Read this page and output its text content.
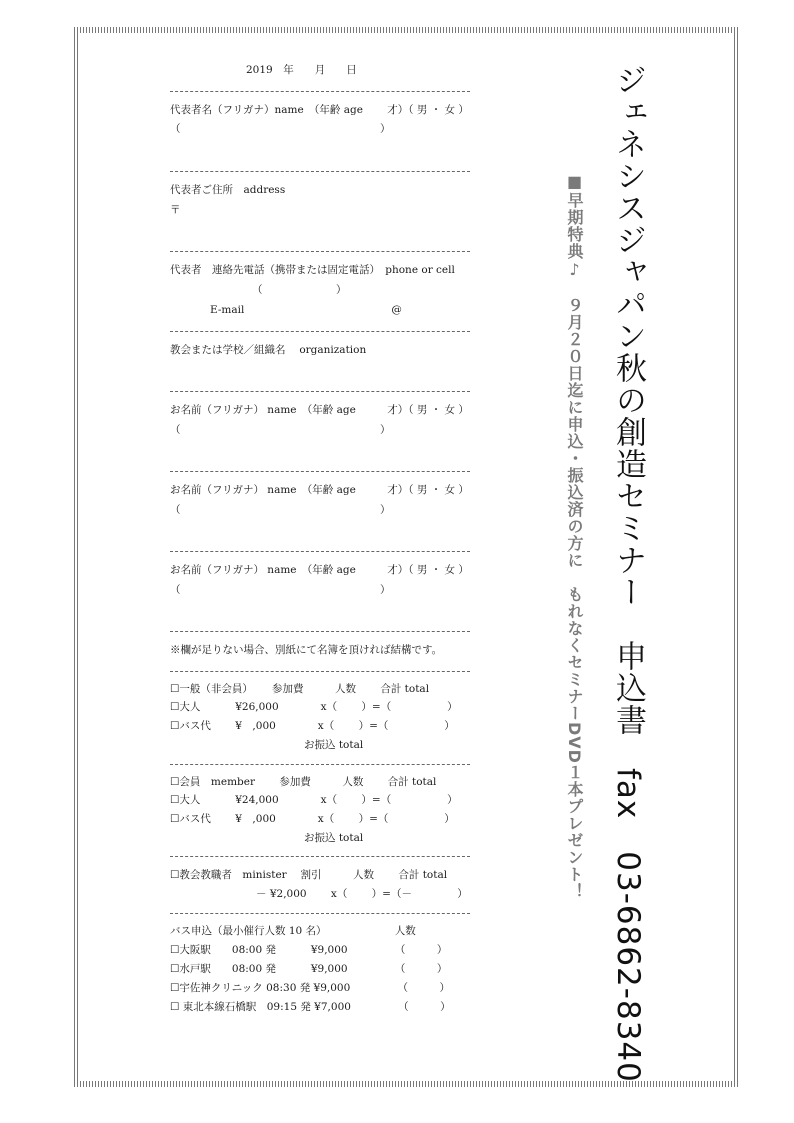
ジェネシスジャパン秋の創造セミナー　申込書　fax　03-6862-8340
■早期特典♪　９月２０日迄に申込・振込済の方に　もれなくセミナーDVD１本プレゼント！
2019　年　　月　　日
代表者名（フリガナ）name　（年齢 age　　 才）（ 男 ・ 女 ）
（　　　　　　　　　　　　　　　　　　　）
代表者ご住所　address
〒
代表者　連絡先電話（携帯または固定電話）　phone or cell
（　　　　　　　）
E-mail　　　　　　　　　　　　　　@
教会または学校／組織名　 organization
お名前（フリガナ） name　（年齢 age　　　才）（ 男 ・ 女 ）
（　　　　　　　　　　　　　　　　　　　）
お名前（フリガナ） name　（年齢 age　　　才）（ 男 ・ 女 ）
（　　　　　　　　　　　　　　　　　　　）
お名前（フリガナ） name　（年齢 age　　　才）（ 男 ・ 女 ）
（　　　　　　　　　　　　　　　　　　　）
※欄が足りない場合、別紙にて名簿を頂ければ結構です。
☐一般（非会員）　　 参加費　　　人数　　 合計 total
☐大人　　　 ¥26,000　　　　x（　　 ）=（　　　　　 ）
☐バス代　　 ¥　,000　　　　x（　　 ）=（　　　　　 ）
お振込 total
☐会員　member　　 参加費　　　人数　　 合計 total
☐大人　　　 ¥24,000　　　　x（　　 ）=（　　　　　 ）
☐バス代　　 ¥　,000　　　　x（　　 ）=（　　　　　 ）
お振込 total
☐教会教職者　minister　 割引　　　人数　　 合計 total
－ ¥2,000　　 x（　　 ）=（－　　　　 ）
バス申込（最小催行人数 10 名）　　　　　　　人数
☐大阪駅　　08:00 発　　　 ¥9,000　　　　　（　　　）
☐水戸駅　　08:00 発　　　 ¥9,000　　　　　（　　　）
☐宇佐神クリニック 08:30 発 ¥9,000　　　　　（　　　）
☐ 東北本線石橋駅　09:15 発 ¥7,000　　　　　（　　　）
